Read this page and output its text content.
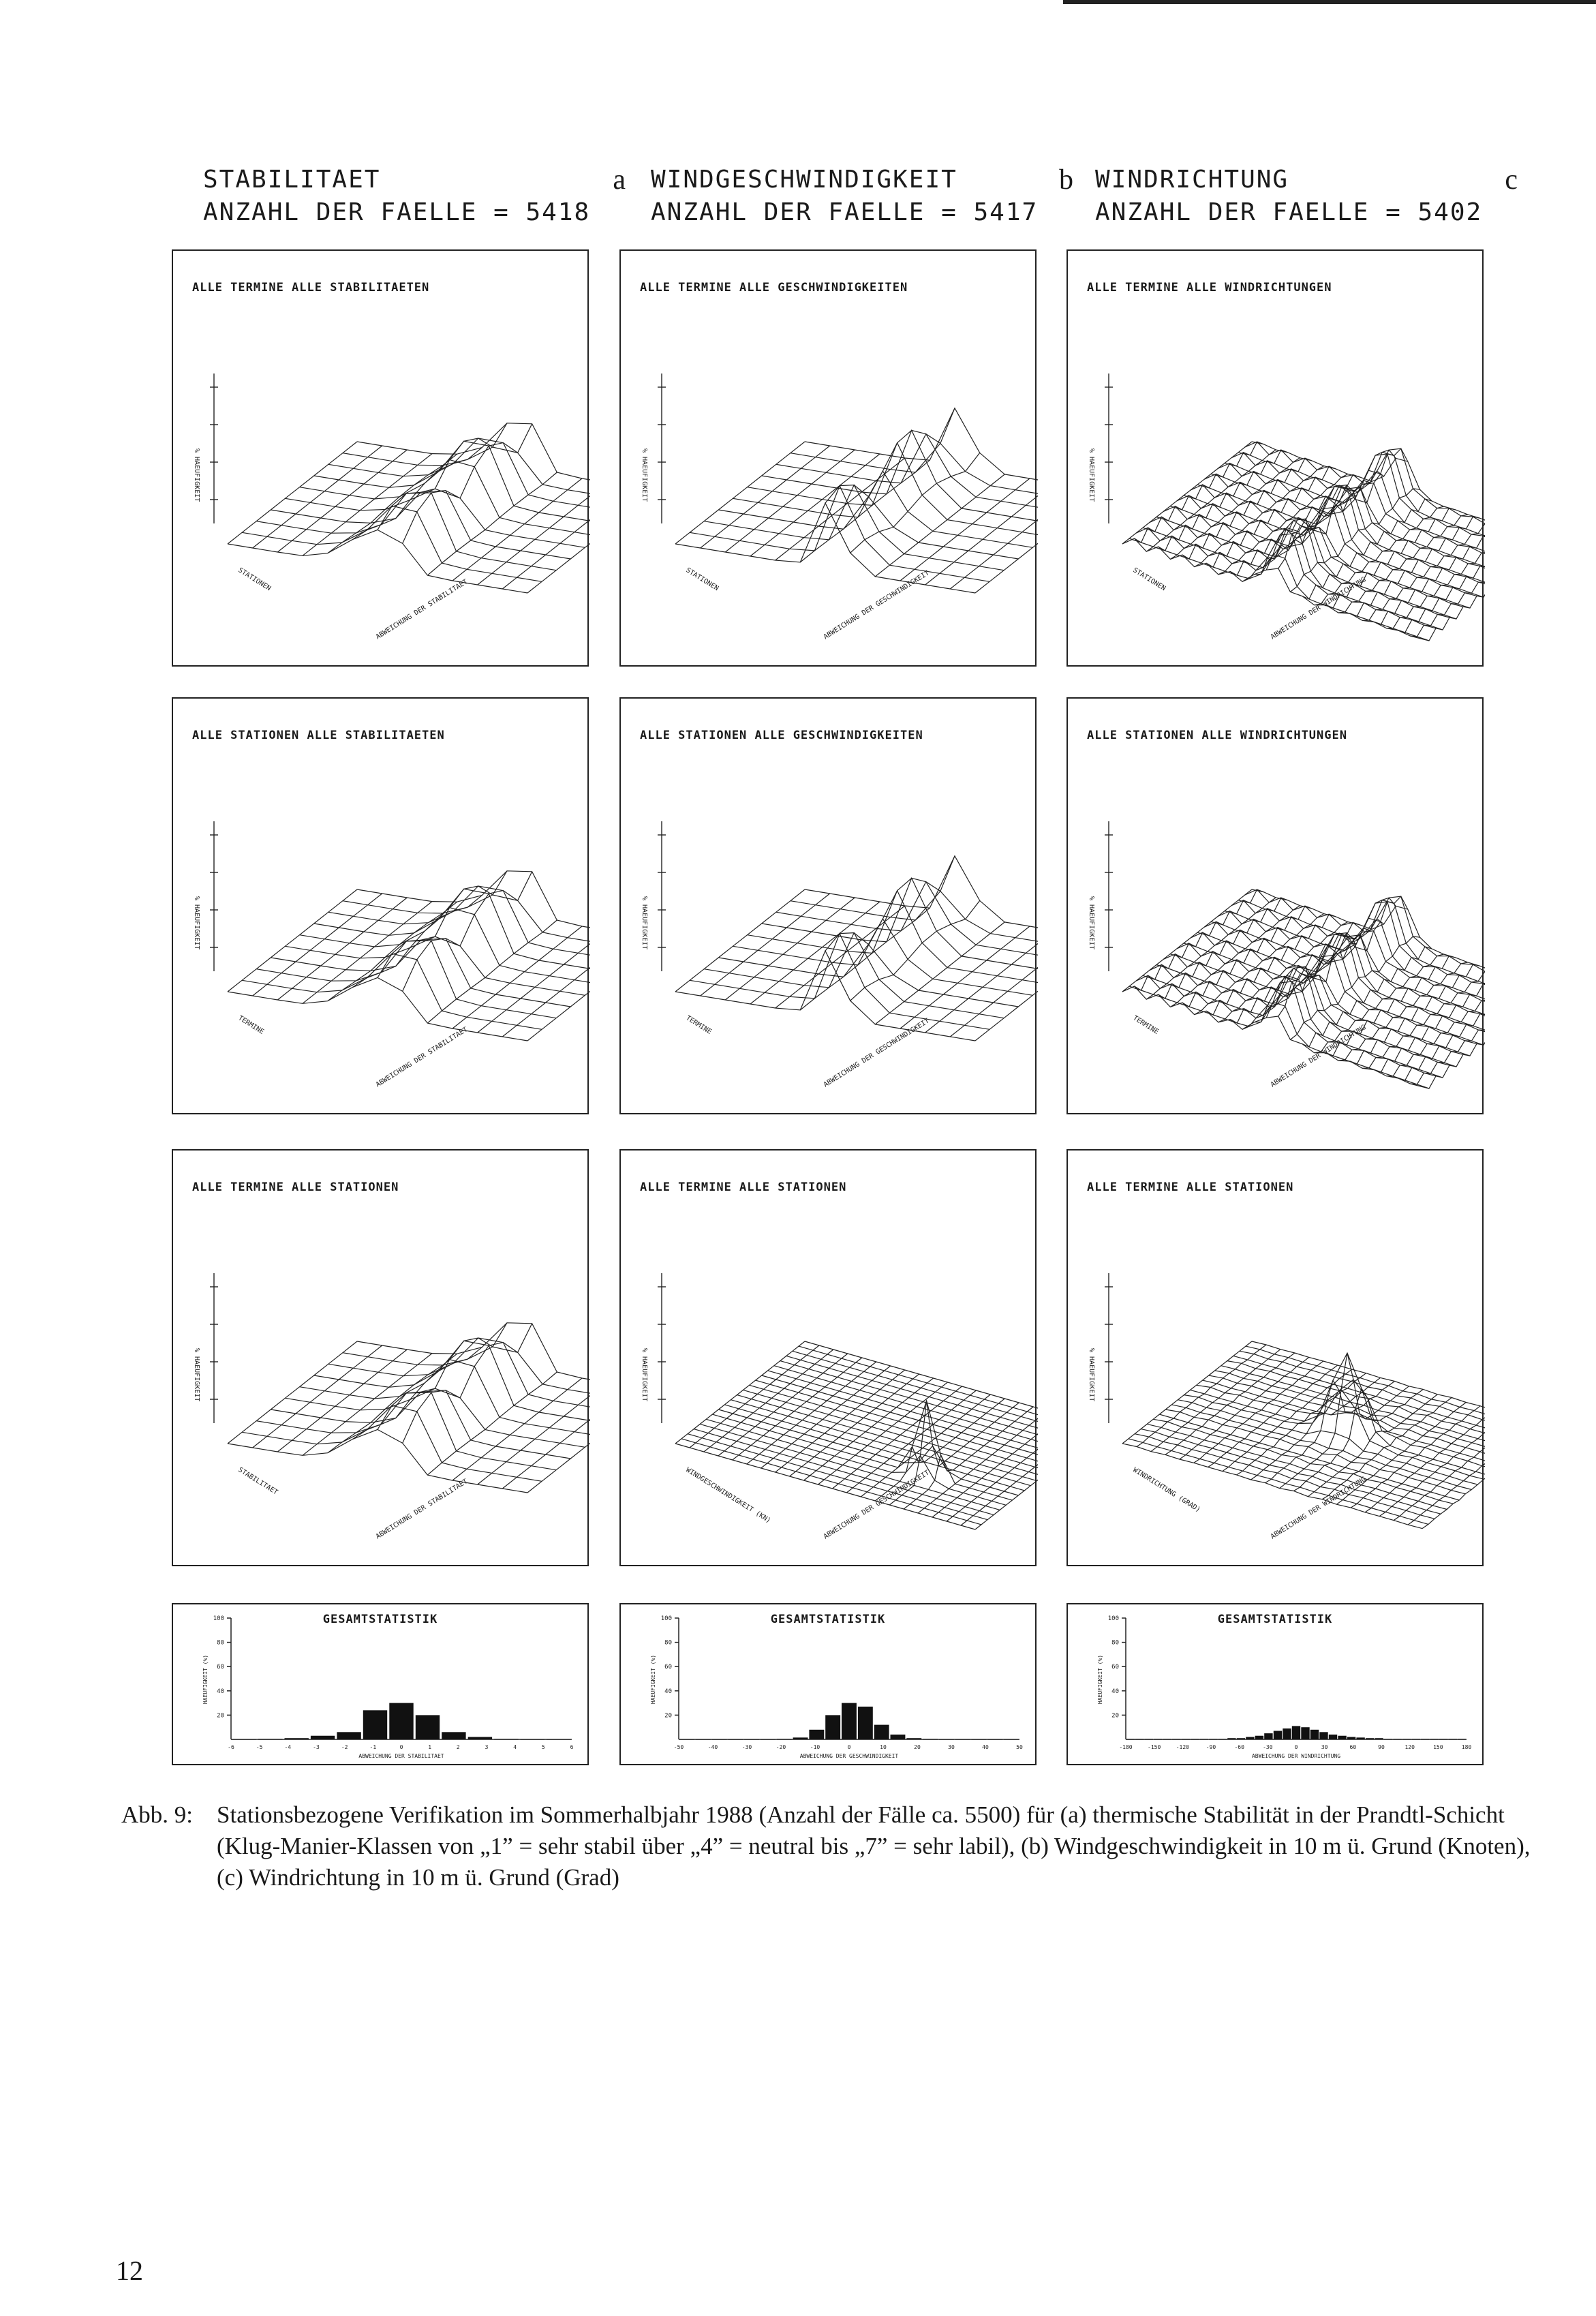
STABILITAET
ANZAHL DER FAELLE = 5418
a WINDGESCHWINDIGKEIT
ANZAHL DER FAELLE = 5417
b WINDRICHTUNG
ANZAHL DER FAELLE = 5402
c
ALLE TERMINE ALLE STABILITAETEN
% HAEUFIGKEIT
ABWEICHUNG DER STABILITAET
STATIONEN
ALLE TERMINE ALLE GESCHWINDIGKEITEN
% HAEUFIGKEIT
ABWEICHUNG DER GESCHWINDIGKEIT
STATIONEN
ALLE TERMINE ALLE WINDRICHTUNGEN
% HAEUFIGKEIT
ABWEICHUNG DER WINDRICHTUNG
STATIONEN
ALLE STATIONEN ALLE STABILITAETEN
% HAEUFIGKEIT
ABWEICHUNG DER STABILITAET
TERMINE
ALLE STATIONEN ALLE GESCHWINDIGKEITEN
% HAEUFIGKEIT
ABWEICHUNG DER GESCHWINDIGKEIT
TERMINE
ALLE STATIONEN ALLE WINDRICHTUNGEN
% HAEUFIGKEIT
ABWEICHUNG DER WINDRICHTUNG
TERMINE
ALLE TERMINE ALLE STATIONEN
% HAEUFIGKEIT
ABWEICHUNG DER STABILITAET
STABILITAET
ALLE TERMINE ALLE STATIONEN
% HAEUFIGKEIT
ABWEICHUNG DER GESCHWINDIGKEIT
WINDGESCHWINDIGKEIT (KN)
ALLE TERMINE ALLE STATIONEN
% HAEUFIGKEIT
ABWEICHUNG DER WINDRICHTUNG
WINDRICHTUNG (GRAD)
GESAMTSTATISTIK
100
80
60
40
20
HAEUFIGKEIT (%)
-6	-5	-4	-3	-2	-1	0	1	2	3	4	5	6
ABWEICHUNG DER STABILITAET
GESAMTSTATISTIK
100
80
60
40
20
HAEUFIGKEIT (%)
-50	-40	-30	-20	-10	0	10	20	30	40	50
ABWEICHUNG DER GESCHWINDIGKEIT
GESAMTSTATISTIK
100
80
60
40
20
HAEUFIGKEIT (%)
-180	-150	-120	-90	-60	-30	0	30	60	90	120	150	180
ABWEICHUNG DER WINDRICHTUNG
Abb. 9: Stationsbezogene Verifikation im Sommerhalbjahr 1988 (Anzahl der Fälle ca. 5500) für (a) thermische Stabilität in der Prandtl-Schicht (Klug-Manier-Klassen von „1” = sehr stabil über „4” = neutral bis „7” = sehr labil), (b) Windgeschwindigkeit in 10 m ü. Grund (Knoten), (c) Windrichtung in 10 m ü. Grund (Grad)
12
